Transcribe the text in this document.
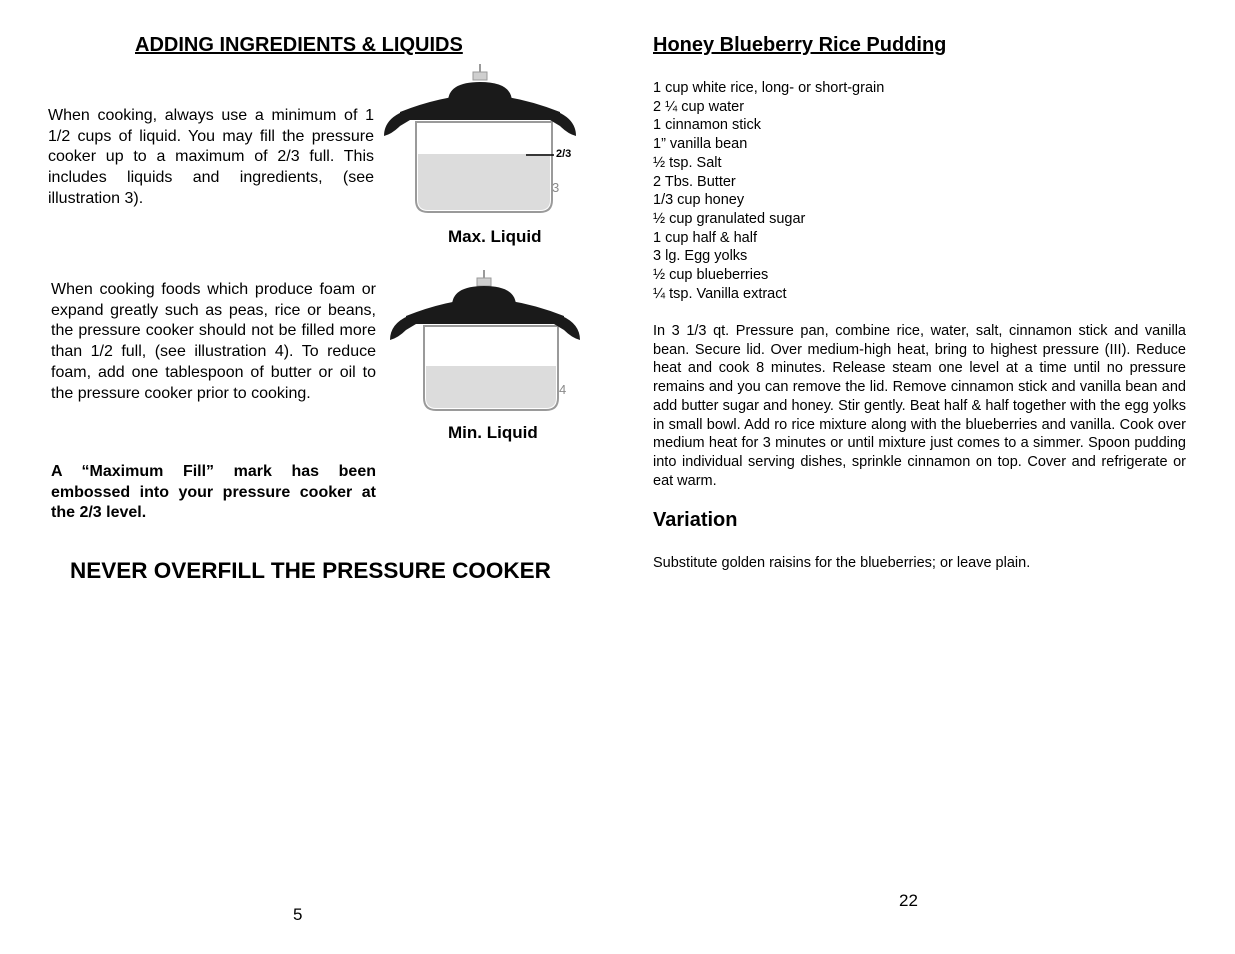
ADDING INGREDIENTS & LIQUIDS
When cooking, always use a minimum of 1 1/2 cups of liquid. You may fill the pressure cooker up to a maximum of 2/3 full. This includes liquids and ingredients, (see illustration 3).
3
2/3
Max. Liquid
When cooking foods which produce foam or expand greatly such as peas, rice or beans, the pressure cooker should not be filled more than 1/2 full, (see illustration 4). To reduce foam, add one tablespoon of butter or oil to the pressure cooker prior to cooking.	4
Min. Liquid
A “Maximum Fill” mark has been embossed into your pressure cooker at the 2/3 level.
NEVER OVERFILL THE PRESSURE COOKER
5
Honey Blueberry Rice Pudding
1 cup white rice, long- or short-grain
2 ¼ cup water
1 cinnamon stick
1” vanilla bean
½ tsp. Salt
2 Tbs. Butter
1/3 cup honey
½ cup granulated sugar
1 cup half & half
3 lg. Egg yolks
½ cup blueberries
¼ tsp. Vanilla extract
In 3 1/3 qt. Pressure pan, combine rice, water, salt, cinnamon stick and vanilla bean. Secure lid. Over medium-high heat, bring to highest pressure (III). Reduce heat and cook 8 minutes. Release steam one level at a time until no pressure remains and you can remove the lid. Remove cinnamon stick and vanilla bean and add butter sugar and honey. Stir gently. Beat half & half together with the egg yolks in small bowl. Add ro rice mixture along with the blueberries and vanilla. Cook over medium heat for 3 minutes or until mixture just comes to a simmer. Spoon pudding into individual serving dishes, sprinkle cinnamon on top. Cover and refrigerate or eat warm.
Variation
Substitute golden raisins for the blueberries; or leave plain.
22
